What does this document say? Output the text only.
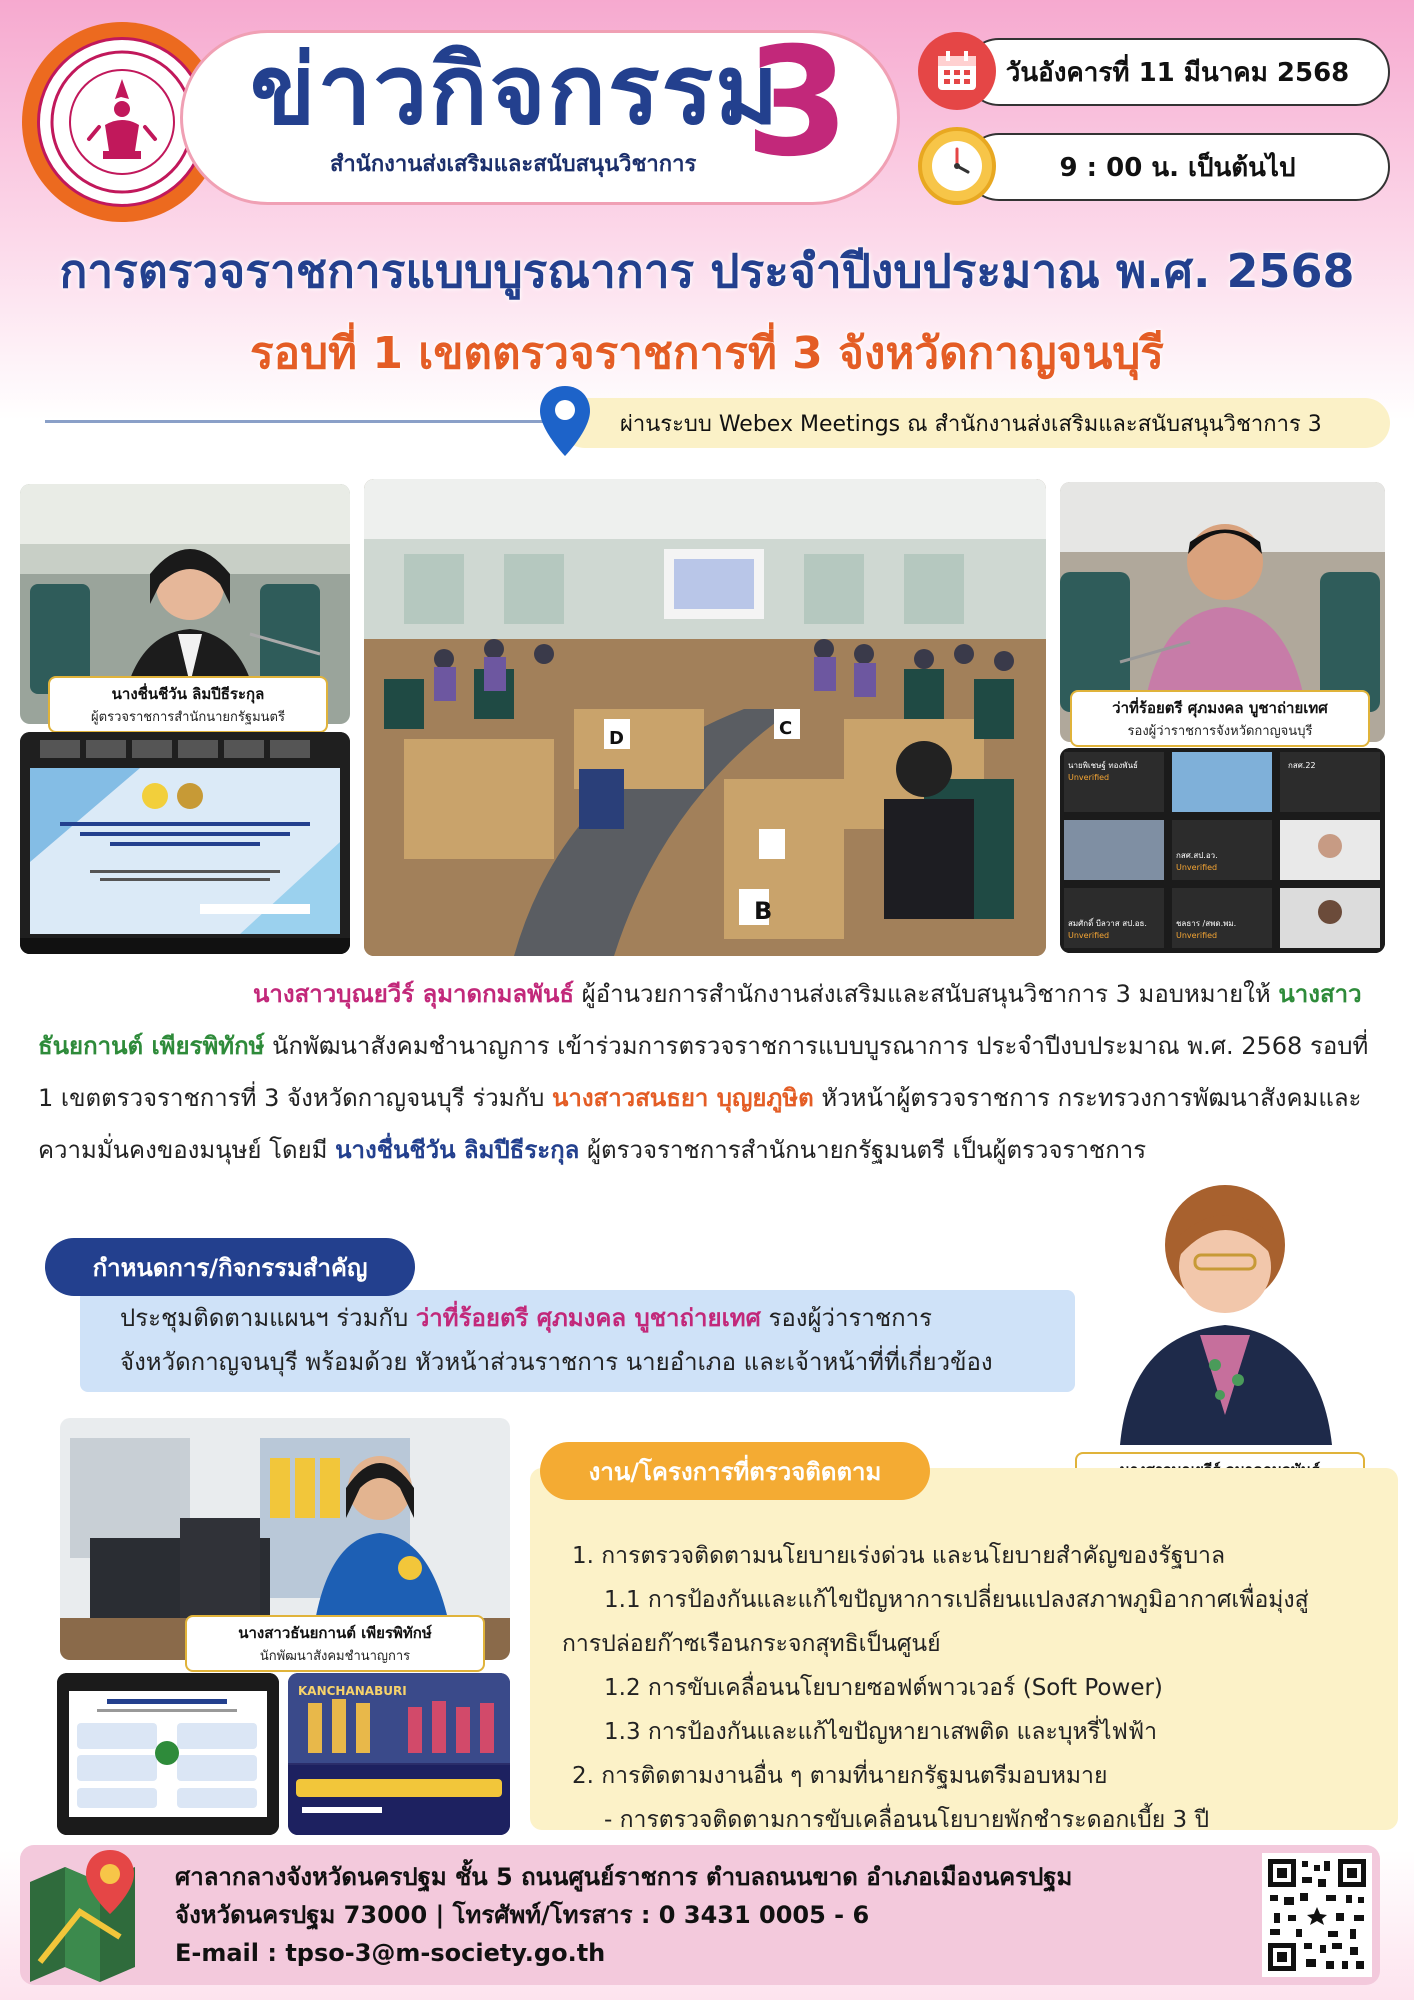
ข่าวกิจกรรม
3
สำนักงานส่งเสริมและสนับสนุนวิชาการ
วันอังคารที่ 11 มีนาคม 2568
9 : 00 น. เป็นต้นไป
การตรวจราชการแบบบูรณาการ ประจำปีงบประมาณ พ.ศ. 2568
รอบที่ 1 เขตตรวจราชการที่ 3 จังหวัดกาญจนบุรี
ผ่านระบบ Webex Meetings ณ สำนักงานส่งเสริมและสนับสนุนวิชาการ 3
นางชื่นชีวัน ลิมปีธีระกุล
ผู้ตรวจราชการสำนักนายกรัฐมนตรี
B
C
D
ว่าที่ร้อยตรี ศุภมงคล บูชาถ่ายเทศ
รองผู้ว่าราชการจังหวัดกาญจนบุรี
นายพิเชษฐ์ ทองพันธ์
Unverified
กสศ.22
กสศ.สป.อว.
Unverified
สมศักดิ์ บีลวาส สป.อธ.
Unverified
ชลธาร /สพด.พม.
Unverified
นางสาวบุณยวีร์ ลุมาดกมลพันธ์ ผู้อำนวยการสำนักงานส่งเสริมและสนับสนุนวิชาการ 3 มอบหมายให้ นางสาวธันยกานต์ เพียรพิทักษ์ นักพัฒนาสังคมชำนาญการ เข้าร่วมการตรวจราชการแบบบูรณาการ ประจำปีงบประมาณ พ.ศ. 2568 รอบที่ 1 เขตตรวจราชการที่ 3 จังหวัดกาญจนบุรี ร่วมกับ นางสาวสนธยา บุญยภูษิต หัวหน้าผู้ตรวจราชการ กระทรวงการพัฒนาสังคมและความมั่นคงของมนุษย์ โดยมี นางชื่นชีวัน ลิมปีธีระกุล ผู้ตรวจราชการสำนักนายกรัฐมนตรี เป็นผู้ตรวจราชการ
กำหนดการ/กิจกรรมสำคัญ
ประชุมติดตามแผนฯ ร่วมกับ ว่าที่ร้อยตรี ศุภมงคล บูชาถ่ายเทศ รองผู้ว่าราชการ
จังหวัดกาญจนบุรี พร้อมด้วย หัวหน้าส่วนราชการ นายอำเภอ และเจ้าหน้าที่ที่เกี่ยวข้อง
นางสาวธันยกานต์ เพียรพิทักษ์
นักพัฒนาสังคมชำนาญการ
KANCHANABURI
1. การตรวจติดตามนโยบายเร่งด่วน และนโยบายสำคัญของรัฐบาล
1.1 การป้องกันและแก้ไขปัญหาการเปลี่ยนแปลงสภาพภูมิอากาศเพื่อมุ่งสู่
การปล่อยก๊าซเรือนกระจกสุทธิเป็นศูนย์
1.2 การขับเคลื่อนนโยบายซอฟต์พาวเวอร์ (Soft Power)
1.3 การป้องกันและแก้ไขปัญหายาเสพติด และบุหรี่ไฟฟ้า
2. การติดตามงานอื่น ๆ ตามที่นายกรัฐมนตรีมอบหมาย
- การตรวจติดตามการขับเคลื่อนนโยบายพักชำระดอกเบี้ย 3 ปี
งาน/โครงการที่ตรวจติดตาม
ศาลากลางจังหวัดนครปฐม ชั้น 5 ถนนศูนย์ราชการ ตำบลถนนขาด อำเภอเมืองนครปฐม
จังหวัดนครปฐม 73000 | โทรศัพท์/โทรสาร : 0 3431 0005 - 6
E-mail : tpso-3@m-society.go.th
